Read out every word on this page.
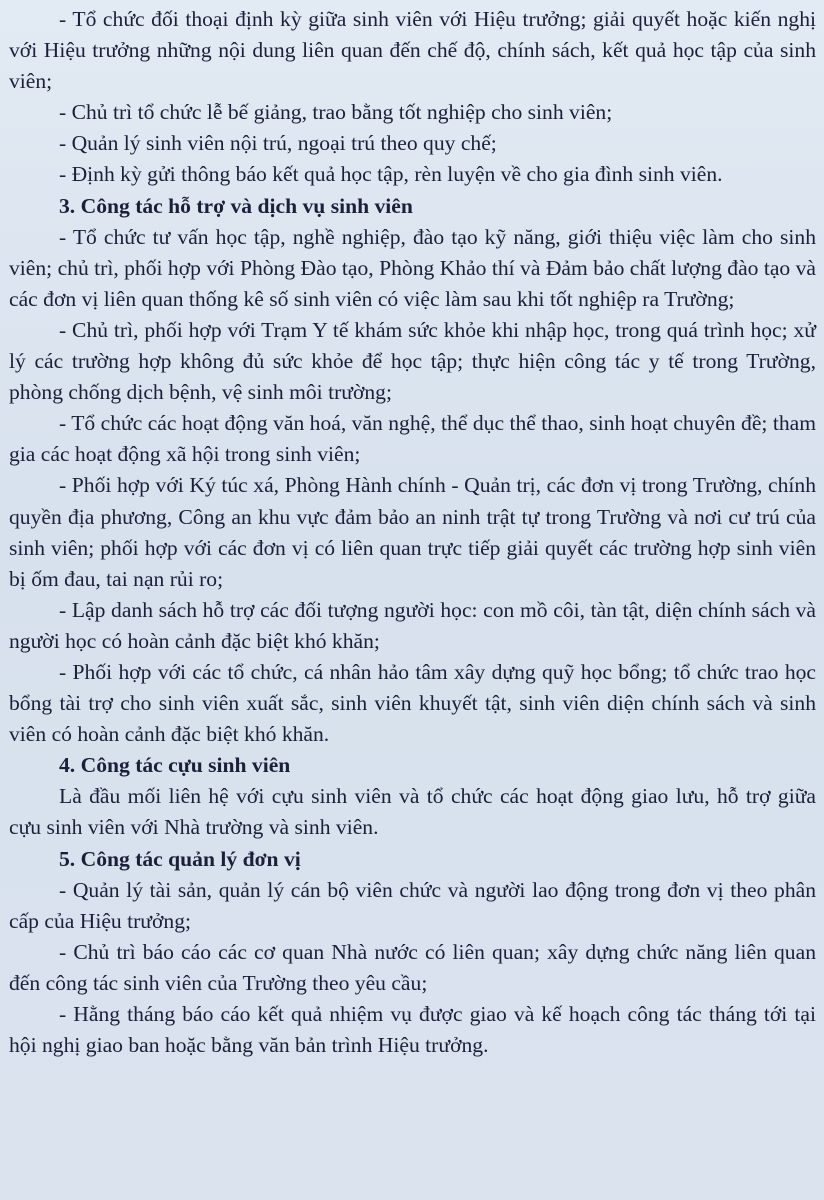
- Tổ chức đối thoại định kỳ giữa sinh viên với Hiệu trưởng; giải quyết hoặc kiến nghị với Hiệu trưởng những nội dung liên quan đến chế độ, chính sách, kết quả học tập của sinh viên;

- Chủ trì tổ chức lễ bế giảng, trao bằng tốt nghiệp cho sinh viên;

- Quản lý sinh viên nội trú, ngoại trú theo quy chế;

- Định kỳ gửi thông báo kết quả học tập, rèn luyện về cho gia đình sinh viên.

3. Công tác hỗ trợ và dịch vụ sinh viên

- Tổ chức tư vấn học tập, nghề nghiệp, đào tạo kỹ năng, giới thiệu việc làm cho sinh viên; chủ trì, phối hợp với Phòng Đào tạo, Phòng Khảo thí và Đảm bảo chất lượng đào tạo và các đơn vị liên quan thống kê số sinh viên có việc làm sau khi tốt nghiệp ra Trường;

- Chủ trì, phối hợp với Trạm Y tế khám sức khỏe khi nhập học, trong quá trình học; xử lý các trường hợp không đủ sức khỏe để học tập; thực hiện công tác y tế trong Trường, phòng chống dịch bệnh, vệ sinh môi trường;

- Tổ chức các hoạt động văn hoá, văn nghệ, thể dục thể thao, sinh hoạt chuyên đề; tham gia các hoạt động xã hội trong sinh viên;

- Phối hợp với Ký túc xá, Phòng Hành chính - Quản trị, các đơn vị trong Trường, chính quyền địa phương, Công an khu vực đảm bảo an ninh trật tự trong Trường và nơi cư trú của sinh viên; phối hợp với các đơn vị có liên quan trực tiếp giải quyết các trường hợp sinh viên bị ốm đau, tai nạn rủi ro;

- Lập danh sách hỗ trợ các đối tượng người học: con mồ côi, tàn tật, diện chính sách và người học có hoàn cảnh đặc biệt khó khăn;

- Phối hợp với các tổ chức, cá nhân hảo tâm xây dựng quỹ học bổng; tổ chức trao học bổng tài trợ cho sinh viên xuất sắc, sinh viên khuyết tật, sinh viên diện chính sách và sinh viên có hoàn cảnh đặc biệt khó khăn.

4. Công tác cựu sinh viên

Là đầu mối liên hệ với cựu sinh viên và tổ chức các hoạt động giao lưu, hỗ trợ giữa cựu sinh viên với Nhà trường và sinh viên.

5. Công tác quản lý đơn vị

- Quản lý tài sản, quản lý cán bộ viên chức và người lao động trong đơn vị theo phân cấp của Hiệu trưởng;

- Chủ trì báo cáo các cơ quan Nhà nước có liên quan; xây dựng chức năng liên quan đến công tác sinh viên của Trường theo yêu cầu;

- Hằng tháng báo cáo kết quả nhiệm vụ được giao và kế hoạch công tác tháng tới tại hội nghị giao ban hoặc bằng văn bản trình Hiệu trưởng.
